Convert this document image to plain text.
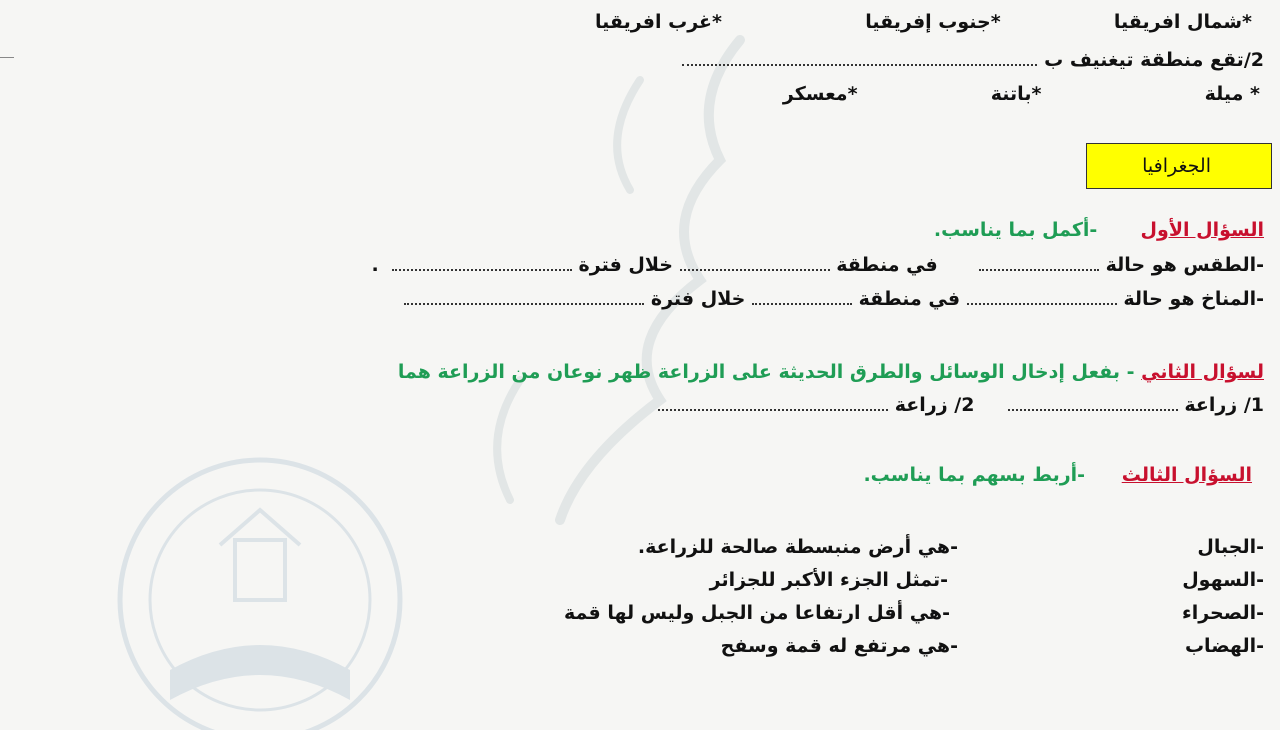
*شمال افريقيا  *جنوب إفريقيا  *غرب افريقيا
2/تقع منطقة تيغنيف ب
* ميلة  *باتنة  *معسكر
الجغرافيا
السؤال الأول  -أكمل بما يناسب.
-الطقس هو حالة   في منطقة  خلال فترة   .
-المناخ هو حالة  في منطقة  خلال فترة
لسؤال الثاني - بفعل إدخال الوسائل والطرق الحديثة على الزراعة ظهر نوعان من الزراعة هما
1/ زراعة   2/ زراعة
السؤال الثالث -أربط بسهم بما يناسب.
-الجبال
-السهول
-الصحراء
-الهضاب
-هي أرض منبسطة صالحة للزراعة.
-تمثل الجزء الأكبر للجزائر
-هي أقل ارتفاعا من الجبل وليس لها قمة
-هي مرتفع له قمة وسفح
